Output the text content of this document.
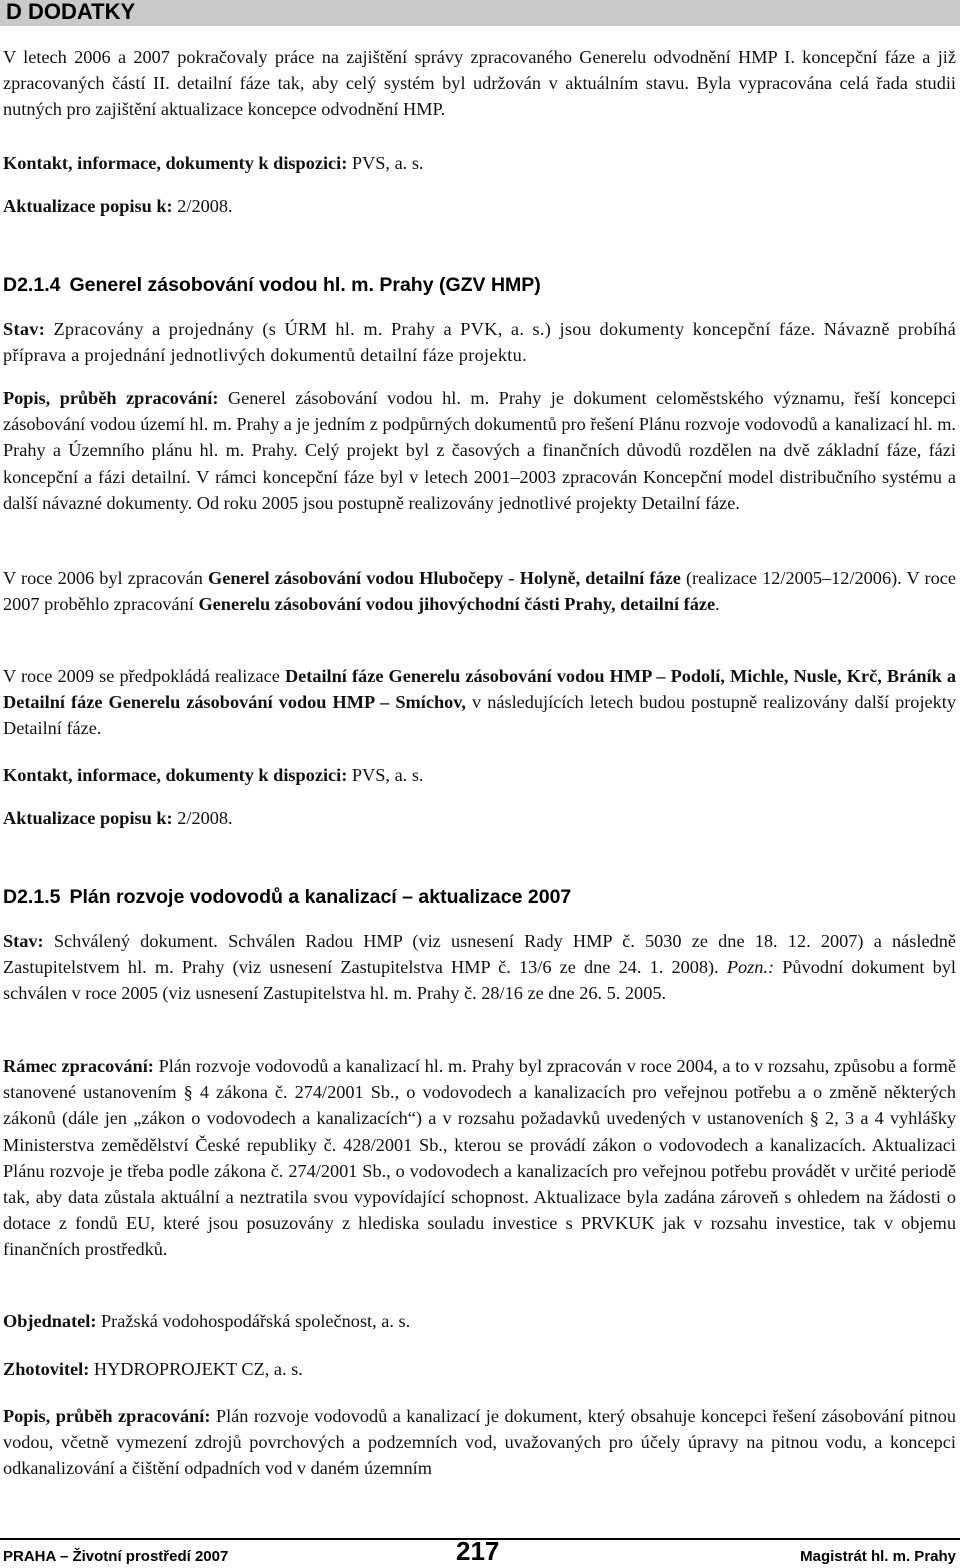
D DODATKY

V letech 2006 a 2007 pokračovaly práce na zajištění správy zpracovaného Generelu odvodnění HMP I. koncepční fáze a již zpracovaných částí II. detailní fáze tak, aby celý systém byl udržován v aktuálním stavu. Byla vypracována celá řada studii nutných pro zajištění aktualizace koncepce odvodnění HMP.

Kontakt, informace, dokumenty k dispozici: PVS, a. s.

Aktualizace popisu k: 2/2008.

D2.1.4 Generel zásobování vodou hl. m. Prahy (GZV HMP)

Stav: Zpracovány a projednány (s ÚRM hl. m. Prahy a PVK, a. s.) jsou dokumenty koncepční fáze. Návazně probíhá příprava a projednání jednotlivých dokumentů detailní fáze projektu.

Popis, průběh zpracování: Generel zásobování vodou hl. m. Prahy je dokument celoměstského významu, řeší koncepci zásobování vodou území hl. m. Prahy a je jedním z podpůrných dokumentů pro řešení Plánu rozvoje vodovodů a kanalizací hl. m. Prahy a Územního plánu hl. m. Prahy. Celý projekt byl z časových a finančních důvodů rozdělen na dvě základní fáze, fázi koncepční a fázi detailní. V rámci koncepční fáze byl v letech 2001–2003 zpracován Koncepční model distribučního systému a další návazné dokumenty. Od roku 2005 jsou postupně realizovány jednotlivé projekty Detailní fáze.

V roce 2006 byl zpracován Generel zásobování vodou Hlubočepy - Holyně, detailní fáze (realizace 12/2005–12/2006). V roce 2007 proběhlo zpracování Generelu zásobování vodou jihovýchodní části Prahy, detailní fáze.

V roce 2009 se předpokládá realizace Detailní fáze Generelu zásobování vodou HMP – Podolí, Michle, Nusle, Krč, Bráník a Detailní fáze Generelu zásobování vodou HMP – Smíchov, v následujících letech budou postupně realizovány další projekty Detailní fáze.

Kontakt, informace, dokumenty k dispozici: PVS, a. s.

Aktualizace popisu k: 2/2008.

D2.1.5 Plán rozvoje vodovodů a kanalizací – aktualizace 2007

Stav: Schválený dokument. Schválen Radou HMP (viz usnesení Rady HMP č. 5030 ze dne 18. 12. 2007) a následně Zastupitelstvem hl. m. Prahy (viz usnesení Zastupitelstva HMP č. 13/6 ze dne 24. 1. 2008). Pozn.: Původní dokument byl schválen v roce 2005 (viz usnesení Zastupitelstva hl. m. Prahy č. 28/16 ze dne 26. 5. 2005.

Rámec zpracování: Plán rozvoje vodovodů a kanalizací hl. m. Prahy byl zpracován v roce 2004, a to v rozsahu, způsobu a formě stanovené ustanovením § 4 zákona č. 274/2001 Sb., o vodovodech a kanalizacích pro veřejnou potřebu a o změně některých zákonů (dále jen „zákon o vodovodech a kanalizacích“) a v rozsahu požadavků uvedených v ustanoveních § 2, 3 a 4 vyhlášky Ministerstva zemědělství České republiky č. 428/2001 Sb., kterou se provádí zákon o vodovodech a kanalizacích. Aktualizaci Plánu rozvoje je třeba podle zákona č. 274/2001 Sb., o vodovodech a kanalizacích pro veřejnou potřebu provádět v určité periodě tak, aby data zůstala aktuální a neztratila svou vypovídající schopnost. Aktualizace byla zadána zároveň s ohledem na žádosti o dotace z fondů EU, které jsou posuzovány z hlediska souladu investice s PRVKUK jak v rozsahu investice, tak v objemu finančních prostředků.

Objednatel: Pražská vodohospodářská společnost, a. s.

Zhotovitel: HYDROPROJEKT CZ, a. s.

Popis, průběh zpracování: Plán rozvoje vodovodů a kanalizací je dokument, který obsahuje koncepci řešení zásobování pitnou vodou, včetně vymezení zdrojů povrchových a podzemních vod, uvažovaných pro účely úpravy na pitnou vodu, a koncepci odkanalizování a čištění odpadních vod v daném územním

PRAHA – Životní prostředí 2007	217	Magistrát hl. m. Prahy
